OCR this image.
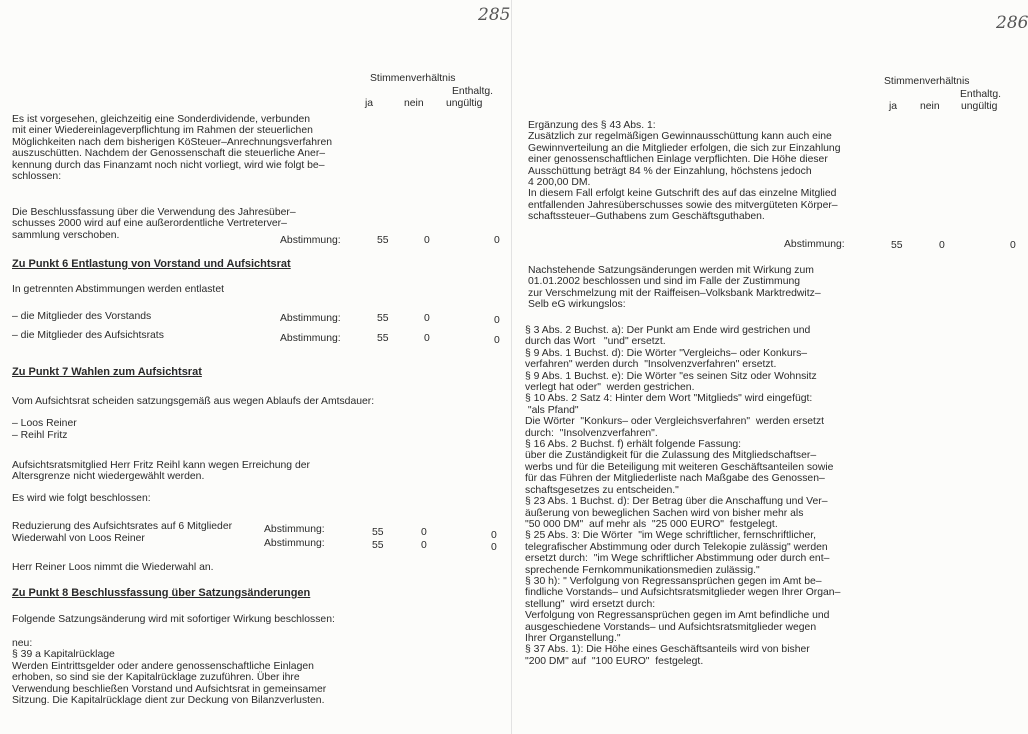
285	286
Stimmenverhältnis
Enthaltg.
ja	nein ungültig
Es ist vorgesehen, gleichzeitig eine Sonderdividende, verbunden
mit einer Wiedereinlageverpflichtung im Rahmen der steuerlichen
Möglichkeiten nach dem bisherigen KöSteuer–Anrechnungsverfahren
auszuschütten. Nachdem der Genossenschaft die steuerliche Aner–
kennung durch das Finanzamt noch nicht vorliegt, wird wie folgt be–
schlossen:
Die Beschlussfassung über die Verwendung des Jahresüber–
schusses 2000 wird auf eine außerordentliche Vertreterver–
sammlung verschoben.	Abstimmung:	55	0	0
Zu Punkt 6 Entlastung von Vorstand und Aufsichtsrat
In getrennten Abstimmungen werden entlastet
– die Mitglieder des Vorstands	Abstimmung:	55	0	0
– die Mitglieder des Aufsichtsrats	Abstimmung:	55	0	0
Zu Punkt 7 Wahlen zum Aufsichtsrat
Vom Aufsichtsrat scheiden satzungsgemäß aus wegen Ablaufs der Amtsdauer:
– Loos Reiner
– Reihl Fritz
Aufsichtsratsmitglied Herr Fritz Reihl kann wegen Erreichung der
Altersgrenze nicht wiedergewählt werden.
Es wird wie folgt beschlossen:
Reduzierung des Aufsichtsrates auf 6 Mitglieder	Abstimmung:	55	0	0
Wiederwahl von Loos Reiner	Abstimmung:	55	0	0
Herr Reiner Loos nimmt die Wiederwahl an.
Zu Punkt 8 Beschlussfassung über Satzungsänderungen
Folgende Satzungsänderung wird mit sofortiger Wirkung beschlossen:
neu:
§ 39 a Kapitalrücklage
Werden Eintrittsgelder oder andere genossenschaftliche Einlagen
erhoben, so sind sie der Kapitalrücklage zuzuführen. Über ihre
Verwendung beschließen Vorstand und Aufsichtsrat in gemeinsamer
Sitzung. Die Kapitalrücklage dient zur Deckung von Bilanzverlusten.
Stimmenverhältnis
Enthaltg.
ja nein ungültig
Ergänzung des § 43 Abs. 1:
Zusätzlich zur regelmäßigen Gewinnausschüttung kann auch eine
Gewinnverteilung an die Mitglieder erfolgen, die sich zur Einzahlung
einer genossenschaftlichen Einlage verpflichten. Die Höhe dieser
Ausschüttung beträgt 84 % der Einzahlung, höchstens jedoch
4 200,00 DM.
In diesem Fall erfolgt keine Gutschrift des auf das einzelne Mitglied
entfallenden Jahresüberschusses sowie des mitvergüteten Körper–
schaftssteuer–Guthabens zum Geschäftsguthaben.
Abstimmung:	55	0	0
Nachstehende Satzungsänderungen werden mit Wirkung zum
01.01.2002 beschlossen und sind im Falle der Zustimmung
zur Verschmelzung mit der Raiffeisen–Volksbank Marktredwitz–
Selb eG wirkungslos:
§ 3 Abs. 2 Buchst. a): Der Punkt am Ende wird gestrichen und
durch das Wort   "und" ersetzt.
§ 9 Abs. 1 Buchst. d): Die Wörter "Vergleichs– oder Konkurs–
verfahren" werden durch  "Insolvenzverfahren" ersetzt.
§ 9 Abs. 1 Buchst. e): Die Wörter "es seinen Sitz oder Wohnsitz
verlegt hat oder"  werden gestrichen.
§ 10 Abs. 2 Satz 4: Hinter dem Wort "Mitglieds" wird eingefügt:
"als Pfand"
Die Wörter  "Konkurs– oder Vergleichsverfahren"  werden ersetzt
durch:  "Insolvenzverfahren".
§ 16 Abs. 2 Buchst. f) erhält folgende Fassung:
über die Zuständigkeit für die Zulassung des Mitgliedschaftser–
werbs und für die Beteiligung mit weiteren Geschäftsanteilen sowie
für das Führen der Mitgliederliste nach Maßgabe des Genossen–
schaftsgesetzes zu entscheiden."
§ 23 Abs. 1 Buchst. d): Der Betrag über die Anschaffung und Ver–
äußerung von beweglichen Sachen wird von bisher mehr als
"50 000 DM"  auf mehr als  "25 000 EURO"  festgelegt.
§ 25 Abs. 3: Die Wörter  "im Wege schriftlicher, fernschriftlicher,
telegrafischer Abstimmung oder durch Telekopie zulässig" werden
ersetzt durch:  "im Wege schriftlicher Abstimmung oder durch ent–
sprechende Fernkommunikationsmedien zulässig."
§ 30 h): " Verfolgung von Regressansprüchen gegen im Amt be–
findliche Vorstands– und Aufsichtsratsmitglieder wegen Ihrer Organ–
stellung"  wird ersetzt durch:
Verfolgung von Regressansprüchen gegen im Amt befindliche und
ausgeschiedene Vorstands– und Aufsichtsratsmitglieder wegen
Ihrer Organstellung."
§ 37 Abs. 1): Die Höhe eines Geschäftsanteils wird von bisher
"200 DM" auf  "100 EURO"  festgelegt.
